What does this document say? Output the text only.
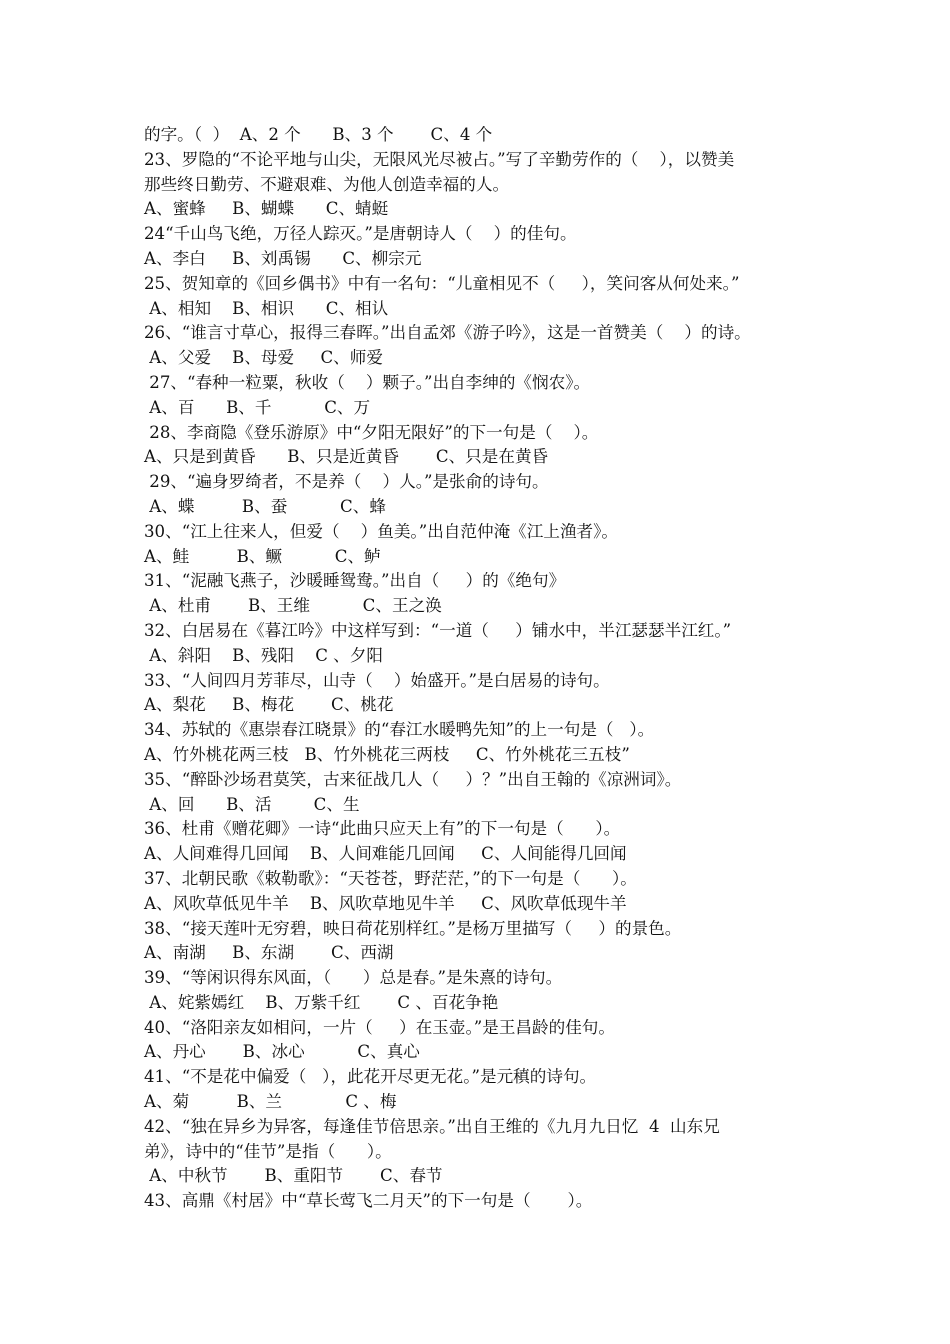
的字。（  ）  A、2 个      B、3 个       C、4 个
23、罗隐的“不论平地与山尖，无限风光尽被占。”写了辛勤劳作的（    ），以赞美
那些终日勤劳、不避艰难、为他人创造幸福的人。
A、蜜蜂     B、蝴蝶      C、蜻蜓
24“千山鸟飞绝，万径人踪灭。”是唐朝诗人（    ）的佳句。
A、李白     B、刘禹锡      C、柳宗元
25、贺知章的《回乡偶书》中有一名句：“儿童相见不（     ），笑问客从何处来。”
A、相知    B、相识      C、相认
26、“谁言寸草心，报得三春晖。”出自孟郊《游子吟》，这是一首赞美（    ）的诗。
A、父爱    B、母爱     C、师爱
27、“春种一粒粟，秋收（    ）颗子。”出自李绅的《悯农》。
A、百      B、千          C、万
28、李商隐《登乐游原》中“夕阳无限好”的下一句是（    ）。
A、只是到黄昏      B、只是近黄昏       C、只是在黄昏
29、“遍身罗绮者，不是养（    ）人。”是张俞的诗句。
A、蝶         B、蚕          C、蜂
30、“江上往来人，但爱（    ）鱼美。”出自范仲淹《江上渔者》。
A、鲑         B、鳜          C、鲈
31、“泥融飞燕子，沙暖睡鸳鸯。”出自（     ）的《绝句》
A、杜甫       B、王维          C、王之涣
32、白居易在《暮江吟》中这样写到：“一道（     ）铺水中，半江瑟瑟半江红。”
A、斜阳    B、残阳    C 、夕阳
33、“人间四月芳菲尽，山寺（    ）始盛开。”是白居易的诗句。
A、梨花     B、梅花       C、桃花
34、苏轼的《惠崇春江晓景》的“春江水暖鸭先知”的上一句是（   ）。
A、竹外桃花两三枝   B、竹外桃花三两枝     C、竹外桃花三五枝”
35、“醉卧沙场君莫笑，古来征战几人（     ）？”出自王翰的《凉洲词》。
A、回      B、活        C、生
36、杜甫《赠花卿》一诗“此曲只应天上有”的下一句是（      ）。
A、人间难得几回闻    B、人间难能几回闻     C、人间能得几回闻
37、北朝民歌《敕勒歌》：“天苍苍，野茫茫，”的下一句是（      ）。
A、风吹草低见牛羊    B、风吹草地见牛羊     C、风吹草低现牛羊
38、“接天莲叶无穷碧，映日荷花别样红。”是杨万里描写（     ）的景色。
A、南湖     B、东湖       C、西湖
39、“等闲识得东风面，（      ）总是春。”是朱熹的诗句。
A、姹紫嫣红    B、万紫千红       C 、百花争艳
40、“洛阳亲友如相问，一片（     ）在玉壶。”是王昌龄的佳句。
A、丹心       B、冰心          C、真心
41、“不是花中偏爱（   ），此花开尽更无花。”是元稹的诗句。
A、菊         B、兰            C 、梅
42、“独在异乡为异客，每逢佳节倍思亲。”出自王维的《九月九日忆  4  山东兄
弟》，诗中的“佳节”是指（      ）。
A、中秋节       B、重阳节       C、春节
43、高鼎《村居》中“草长莺飞二月天”的下一句是（       ）。
